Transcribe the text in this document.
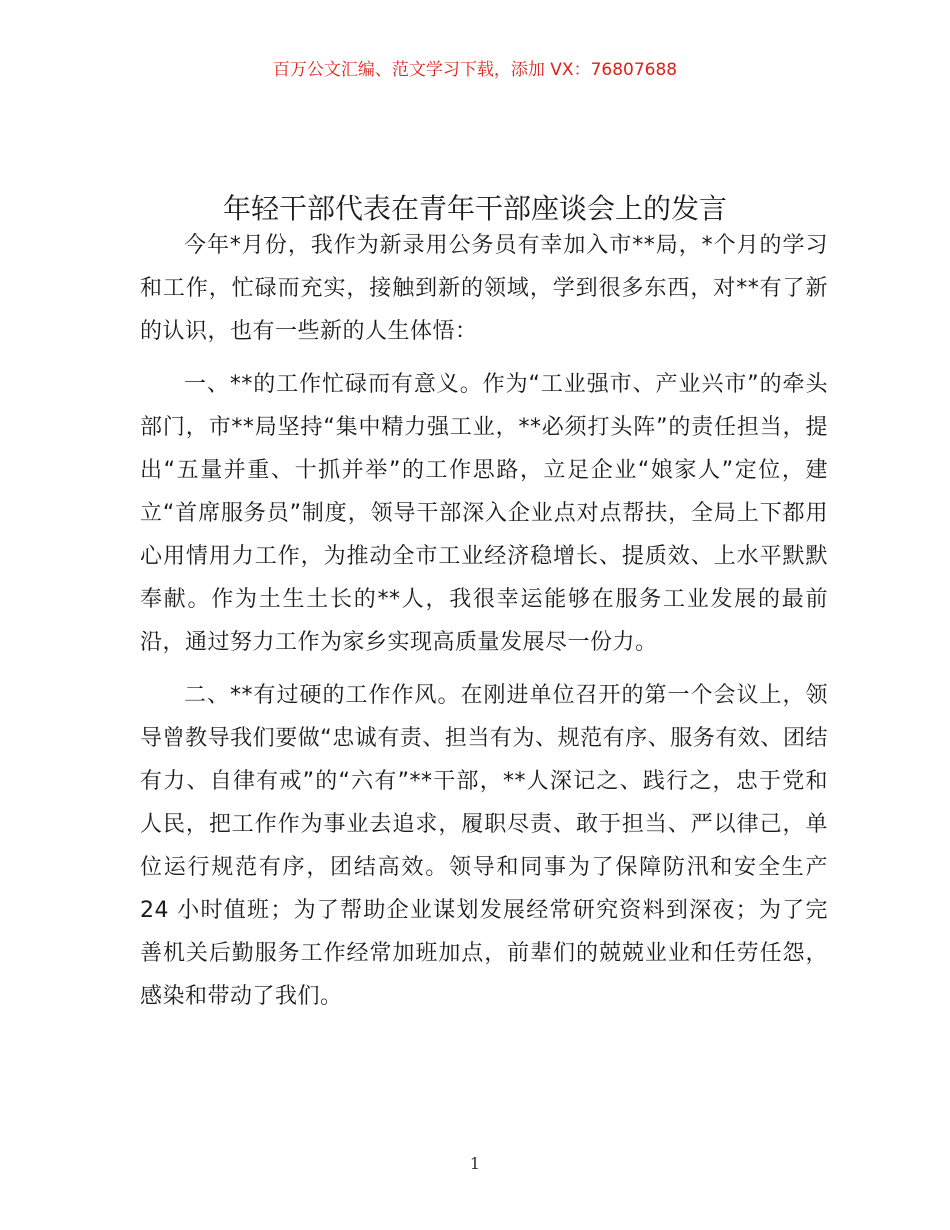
百万公文汇编、范文学习下载，添加 VX：76807688
年轻干部代表在青年干部座谈会上的发言

今年*月份，我作为新录用公务员有幸加入市**局，*个月的学习和工作，忙碌而充实，接触到新的领域，学到很多东西，对**有了新的认识，也有一些新的人生体悟：

一、**的工作忙碌而有意义。作为“工业强市、产业兴市”的牵头部门，市**局坚持“集中精力强工业，**必须打头阵”的责任担当，提出“五量并重、十抓并举”的工作思路，立足企业“娘家人”定位，建立“首席服务员”制度，领导干部深入企业点对点帮扶，全局上下都用心用情用力工作，为推动全市工业经济稳增长、提质效、上水平默默奉献。作为土生土长的**人，我很幸运能够在服务工业发展的最前沿，通过努力工作为家乡实现高质量发展尽一份力。

二、**有过硬的工作作风。在刚进单位召开的第一个会议上，领导曾教导我们要做“忠诚有责、担当有为、规范有序、服务有效、团结有力、自律有戒”的“六有”**干部，**人深记之、践行之，忠于党和人民，把工作作为事业去追求，履职尽责、敢于担当、严以律己，单位运行规范有序，团结高效。领导和同事为了保障防汛和安全生产 24 小时值班；为了帮助企业谋划发展经常研究资料到深夜；为了完善机关后勤服务工作经常加班加点，前辈们的兢兢业业和任劳任怨，感染和带动了我们。

1
